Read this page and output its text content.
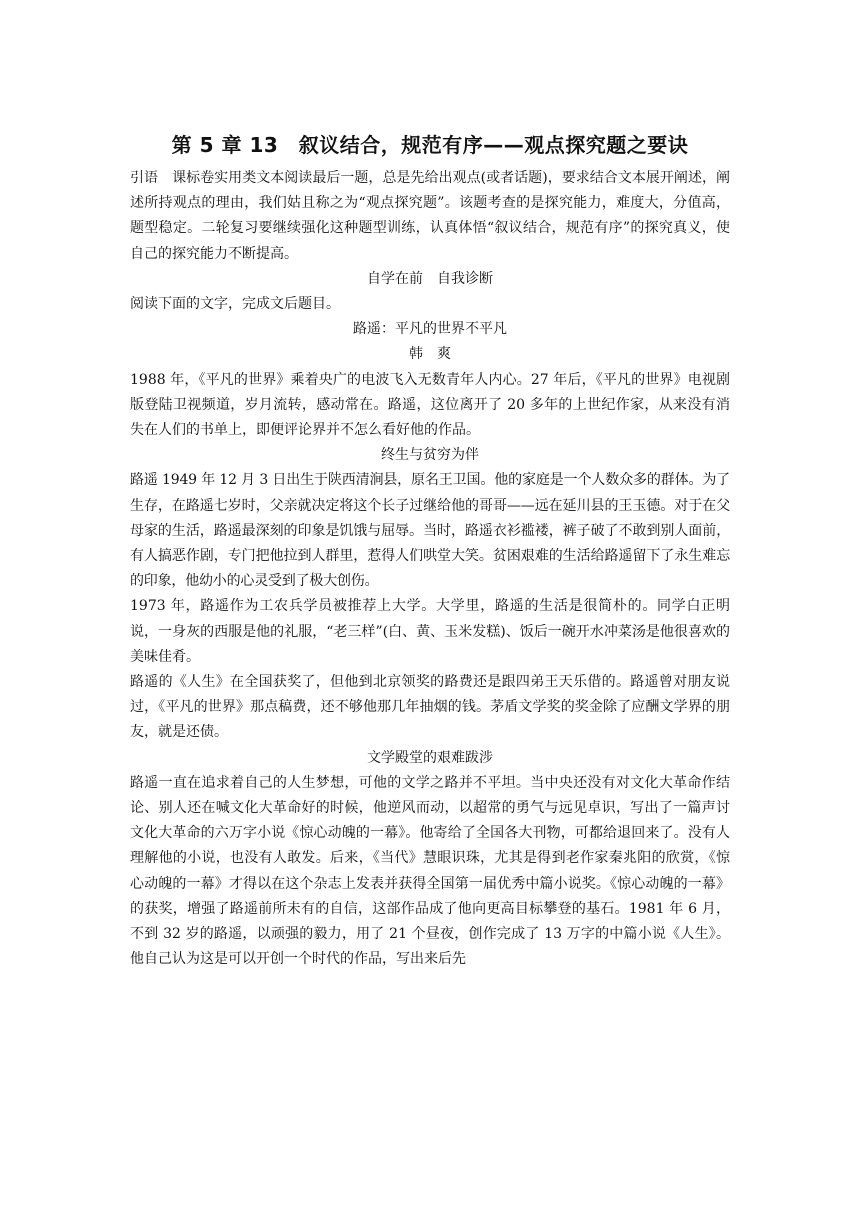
第 5 章 13　叙议结合，规范有序——观点探究题之要诀

引语　课标卷实用类文本阅读最后一题，总是先给出观点(或者话题)，要求结合文本展开阐述，阐述所持观点的理由，我们姑且称之为“观点探究题”。该题考查的是探究能力，难度大，分值高，题型稳定。二轮复习要继续强化这种题型训练，认真体悟“叙议结合，规范有序”的探究真义，使自己的探究能力不断提高。

自学在前　自我诊断

阅读下面的文字，完成文后题目。

路遥：平凡的世界不平凡

韩　爽

1988 年，《平凡的世界》乘着央广的电波飞入无数青年人内心。27 年后，《平凡的世界》电视剧版登陆卫视频道，岁月流转，感动常在。路遥，这位离开了 20 多年的上世纪作家，从来没有消失在人们的书单上，即便评论界并不怎么看好他的作品。

终生与贫穷为伴

路遥 1949 年 12 月 3 日出生于陕西清涧县，原名王卫国。他的家庭是一个人数众多的群体。为了生存，在路遥七岁时，父亲就决定将这个长子过继给他的哥哥——远在延川县的王玉德。对于在父母家的生活，路遥最深刻的印象是饥饿与屈辱。当时，路遥衣衫褴褛，裤子破了不敢到别人面前，有人搞恶作剧，专门把他拉到人群里，惹得人们哄堂大笑。贫困艰难的生活给路遥留下了永生难忘的印象，他幼小的心灵受到了极大创伤。

1973 年，路遥作为工农兵学员被推荐上大学。大学里，路遥的生活是很简朴的。同学白正明说，一身灰的西服是他的礼服，“老三样”(白、黄、玉米发糕)、饭后一碗开水冲菜汤是他很喜欢的美味佳肴。

路遥的《人生》在全国获奖了，但他到北京领奖的路费还是跟四弟王天乐借的。路遥曾对朋友说过，《平凡的世界》那点稿费，还不够他那几年抽烟的钱。茅盾文学奖的奖金除了应酬文学界的朋友，就是还债。

文学殿堂的艰难跋涉

路遥一直在追求着自己的人生梦想，可他的文学之路并不平坦。当中央还没有对文化大革命作结论、别人还在喊文化大革命好的时候，他逆风而动，以超常的勇气与远见卓识，写出了一篇声讨文化大革命的六万字小说《惊心动魄的一幕》。他寄给了全国各大刊物，可都给退回来了。没有人理解他的小说，也没有人敢发。后来，《当代》慧眼识珠，尤其是得到老作家秦兆阳的欣赏，《惊心动魄的一幕》才得以在这个杂志上发表并获得全国第一届优秀中篇小说奖。《惊心动魄的一幕》的获奖，增强了路遥前所未有的自信，这部作品成了他向更高目标攀登的基石。1981 年 6 月，不到 32 岁的路遥，以顽强的毅力，用了 21 个昼夜，创作完成了 13 万字的中篇小说《人生》。他自己认为这是可以开创一个时代的作品，写出来后先
